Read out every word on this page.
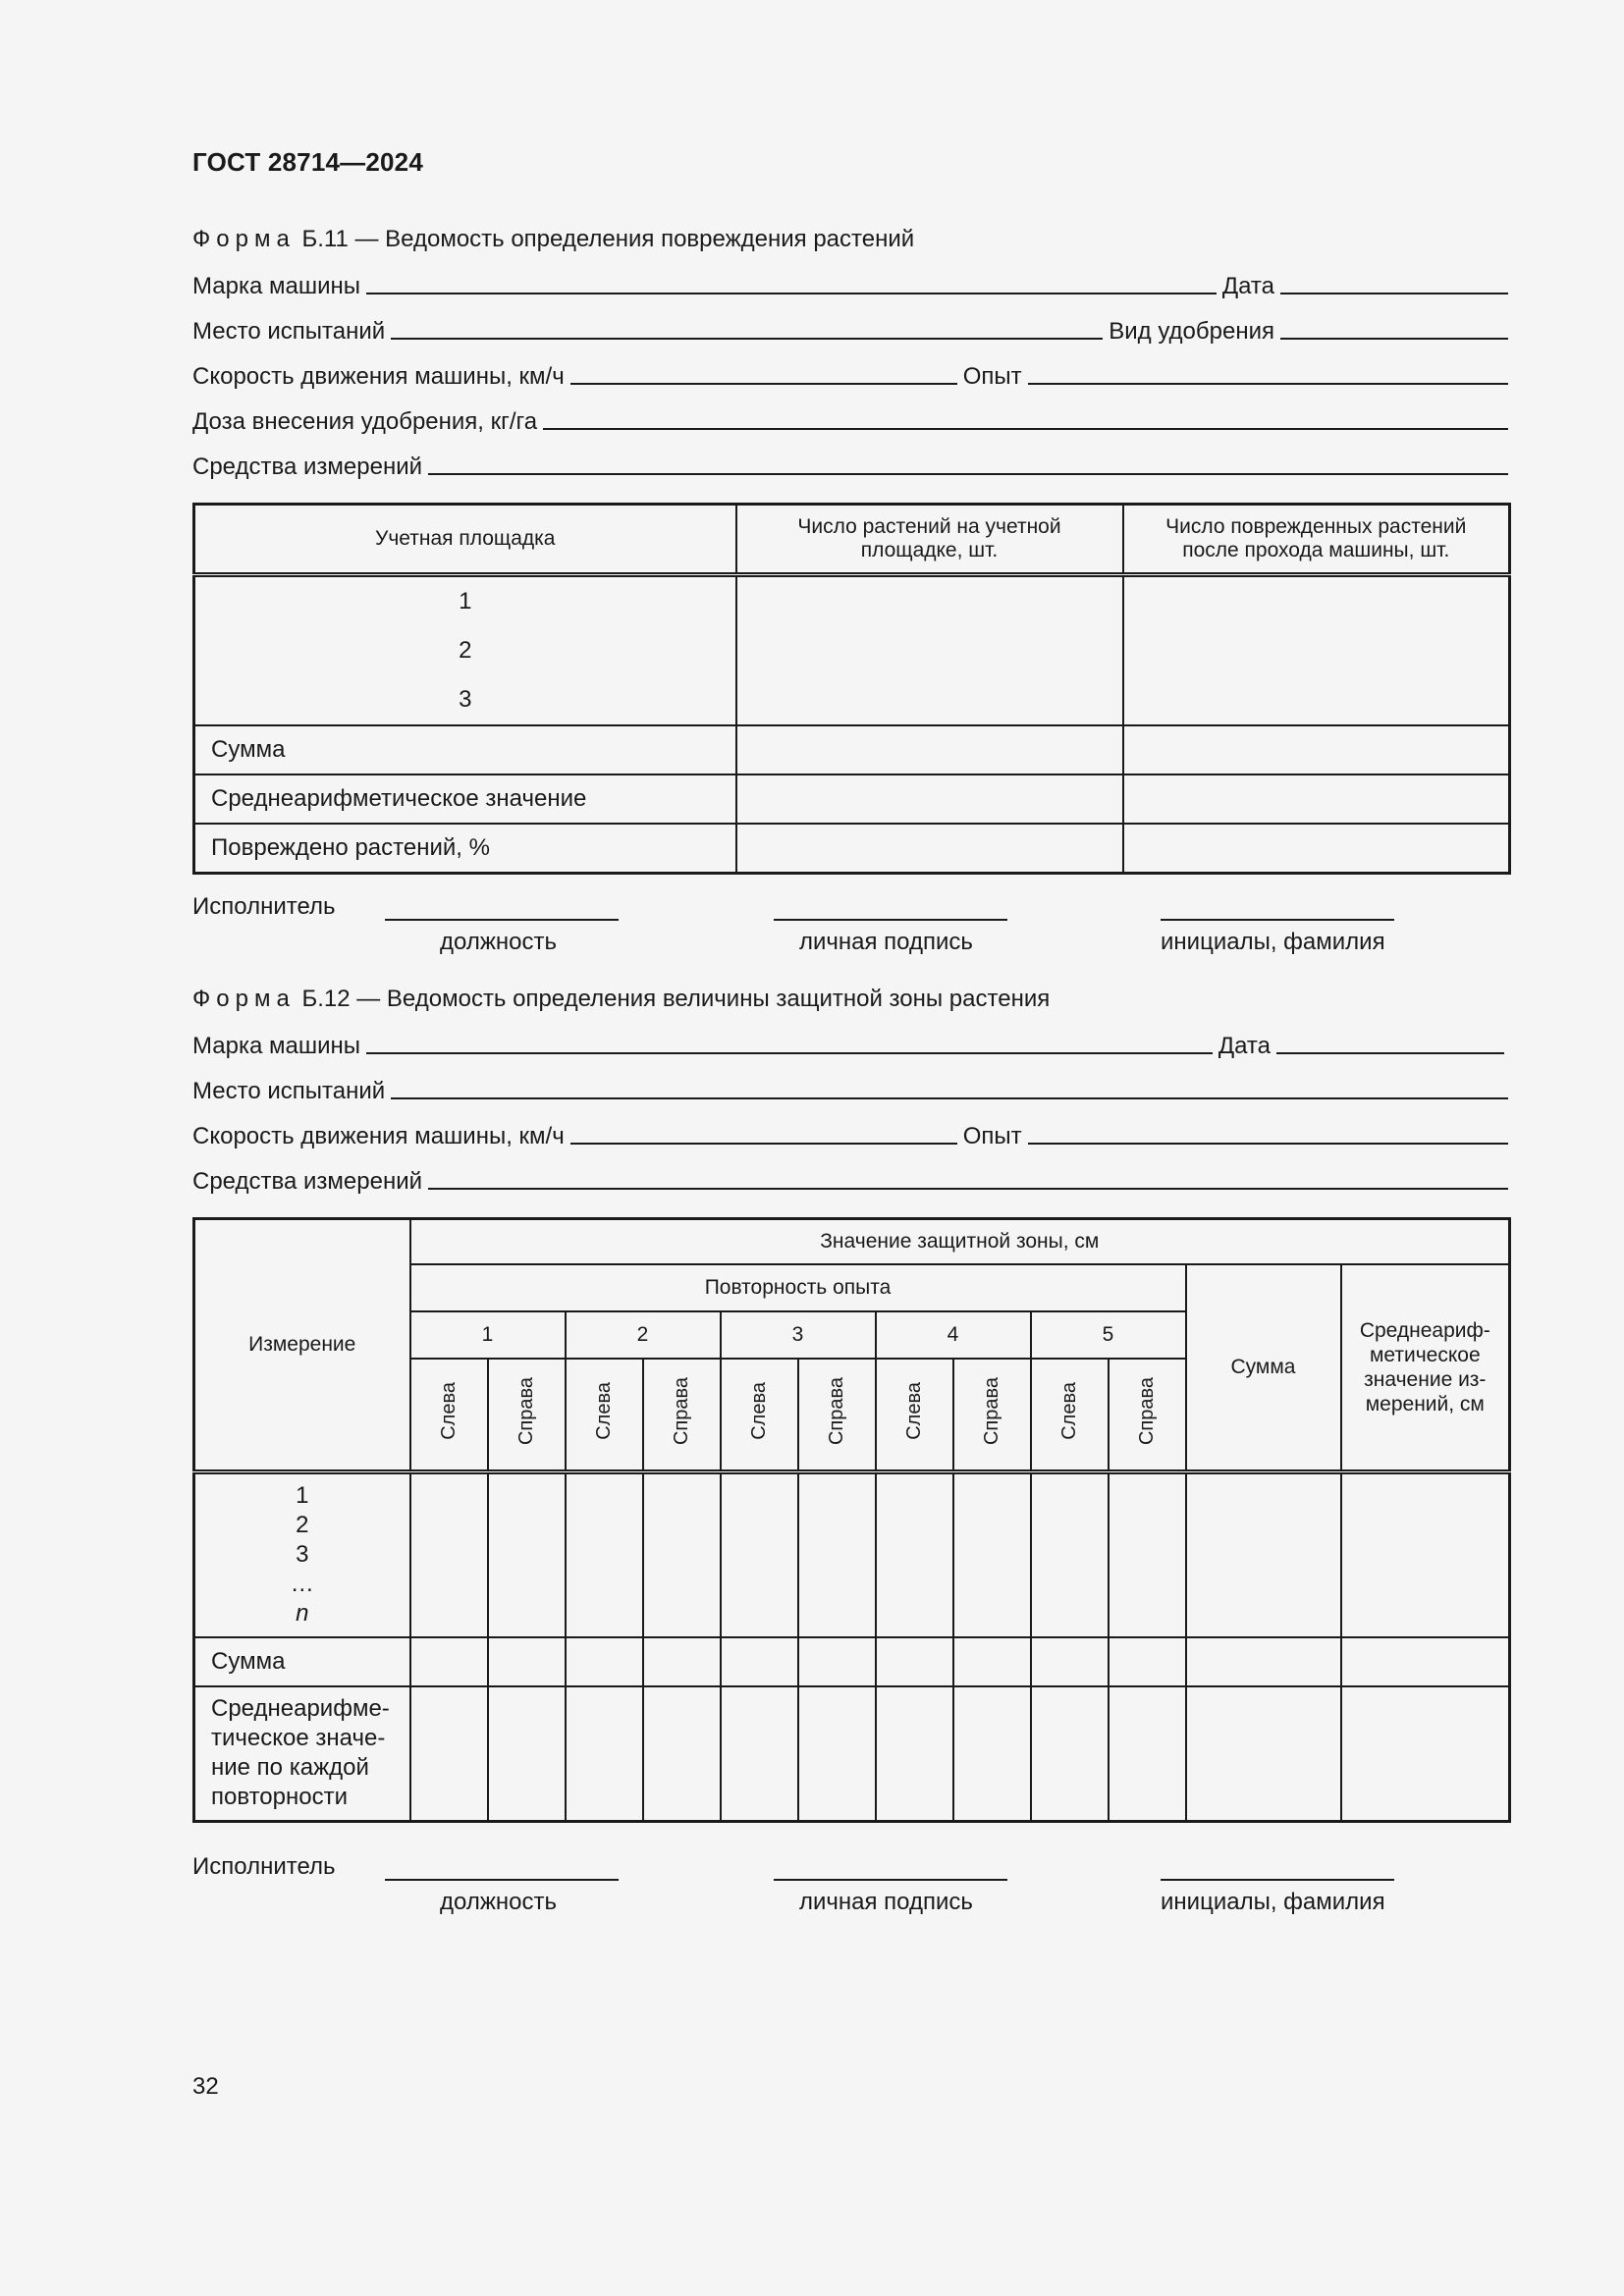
ГОСТ 28714—2024
Форма Б.11 — Ведомость определения повреждения растений
Марка машины	Дата
Место испытаний	Вид удобрения
Скорость движения машины, км/ч	Опыт
Доза внесения удобрения, кг/га
Средства измерений
Учетная площадка	Число растений на учетной площадке, шт.	Число поврежденных растений после прохода машины, шт.

1
2
3		

Сумма		
Среднеарифметическое значение		
Повреждено растений, %		
Исполнитель
должность	личная подпись	инициалы, фамилия
Форма Б.12 — Ведомость определения величины защитной зоны растения
Марка машины	Дата
Место испытаний
Скорость движения машины, км/ч	Опыт
Средства измерений
Измерение	Значение защитной зоны, см											
	Повторность опыта										Сумма	Среднеариф-метическое значение из-мерений, см
	1		2		3		4		5			
	Слева	Справа	Слева	Справа	Слева	Справа	Слева	Справа	Слева	Справа		

1
2
3
…
n												

Сумма												
Среднеарифме-тическое значе-ние по каждой повторности												
Исполнитель
должность	личная подпись	инициалы, фамилия
32
